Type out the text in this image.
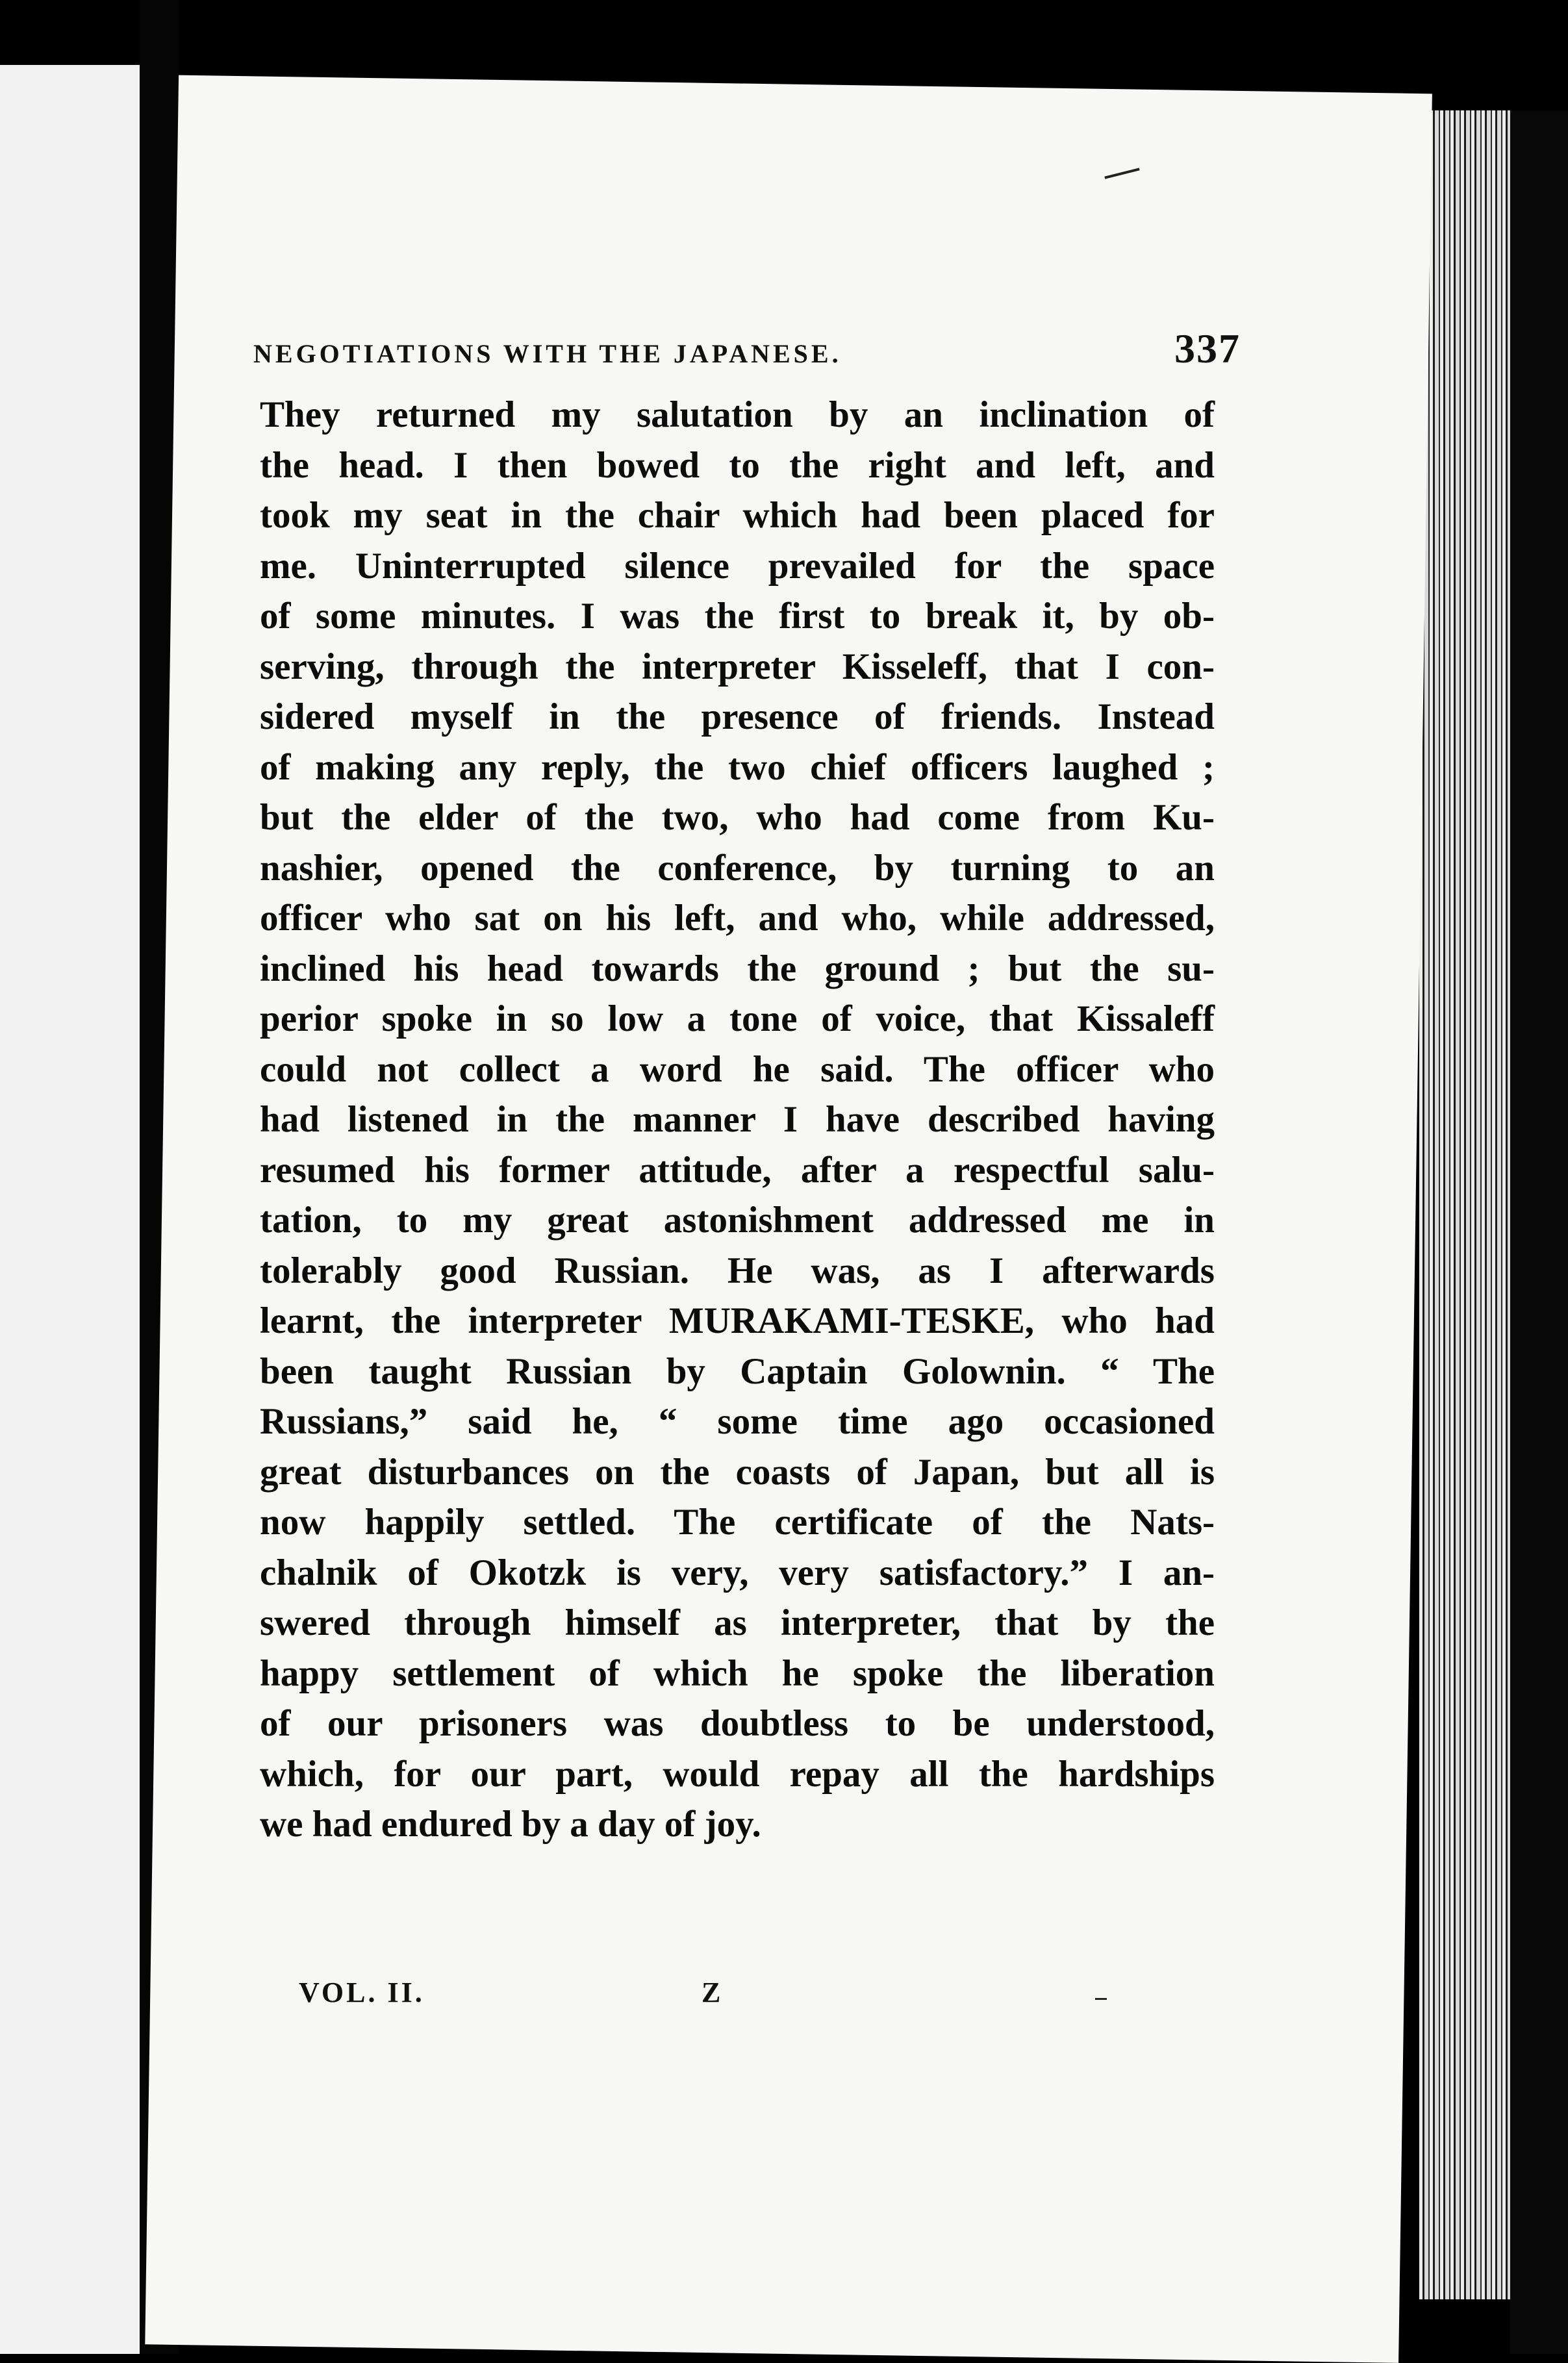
NEGOTIATIONS WITH THE JAPANESE.	337
They returned my salutation by an inclination of
the head. I then bowed to the right and left, and
took my seat in the chair which had been placed for
me. Uninterrupted silence prevailed for the space
of some minutes. I was the first to break it, by ob-
serving, through the interpreter Kisseleff, that I con-
sidered myself in the presence of friends. Instead
of making any reply, the two chief officers laughed ;
but the elder of the two, who had come from Ku-
nashier, opened the conference, by turning to an
officer who sat on his left, and who, while addressed,
inclined his head towards the ground ; but the su-
perior spoke in so low a tone of voice, that Kissaleff
could not collect a word he said. The officer who
had listened in the manner I have described having
resumed his former attitude, after a respectful salu-
tation, to my great astonishment addressed me in
tolerably good Russian. He was, as I afterwards
learnt, the interpreter MURAKAMI-TESKE, who had
been taught Russian by Captain Golownin. “ The
Russians,” said he, “ some time ago occasioned
great disturbances on the coasts of Japan, but all is
now happily settled. The certificate of the Nats-
chalnik of Okotzk is very, very satisfactory.” I an-
swered through himself as interpreter, that by the
happy settlement of which he spoke the liberation
of our prisoners was doubtless to be understood,
which, for our part, would repay all the hardships
we had endured by a day of joy.
VOL. II.	Z
